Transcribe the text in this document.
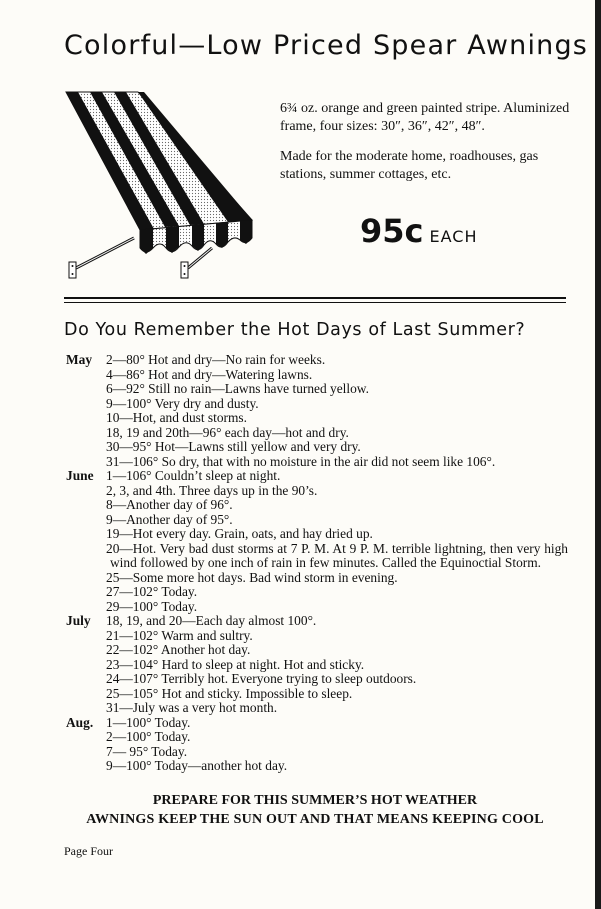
Colorful—Low Priced Spear Awnings

6¾ oz. orange and green painted stripe. Aluminized frame, four sizes: 30″, 36″, 42″, 48″.

Made for the moderate home, roadhouses, gas stations, summer cottages, etc.

95c EACH
Do You Remember the Hot Days of Last Summer?
May	2—80° Hot and dry—No rain for weeks.
4—86° Hot and dry—Watering lawns.
6—92° Still no rain—Lawns have turned yellow.
9—100° Very dry and dusty.
10—Hot, and dust storms.
18, 19 and 20th—96° each day—hot and dry.
30—95° Hot—Lawns still yellow and very dry.
31—106° So dry, that with no moisture in the air did not seem like 106°.
June 1—106° Couldn’t sleep at night.
2, 3, and 4th. Three days up in the 90’s.
8—Another day of 96°.
9—Another day of 95°.
19—Hot every day. Grain, oats, and hay dried up.
20—Hot. Very bad dust storms at 7 P. M. At 9 P. M. terrible lightning, then very high wind followed by one inch of rain in few minutes. Called the Equinoctial Storm.
25—Some more hot days. Bad wind storm in evening.
27—102° Today.
29—100° Today.
July	18, 19, and 20—Each day almost 100°.
21—102° Warm and sultry.
22—102° Another hot day.
23—104° Hard to sleep at night. Hot and sticky.
24—107° Terribly hot. Everyone trying to sleep outdoors.
25—105° Hot and sticky. Impossible to sleep.
31—July was a very hot month.
Aug. 1—100° Today.
2—100° Today.
7— 95° Today.
9—100° Today—another hot day.
PREPARE FOR THIS SUMMER’S HOT WEATHER
AWNINGS KEEP THE SUN OUT AND THAT MEANS KEEPING COOL
Page Four
